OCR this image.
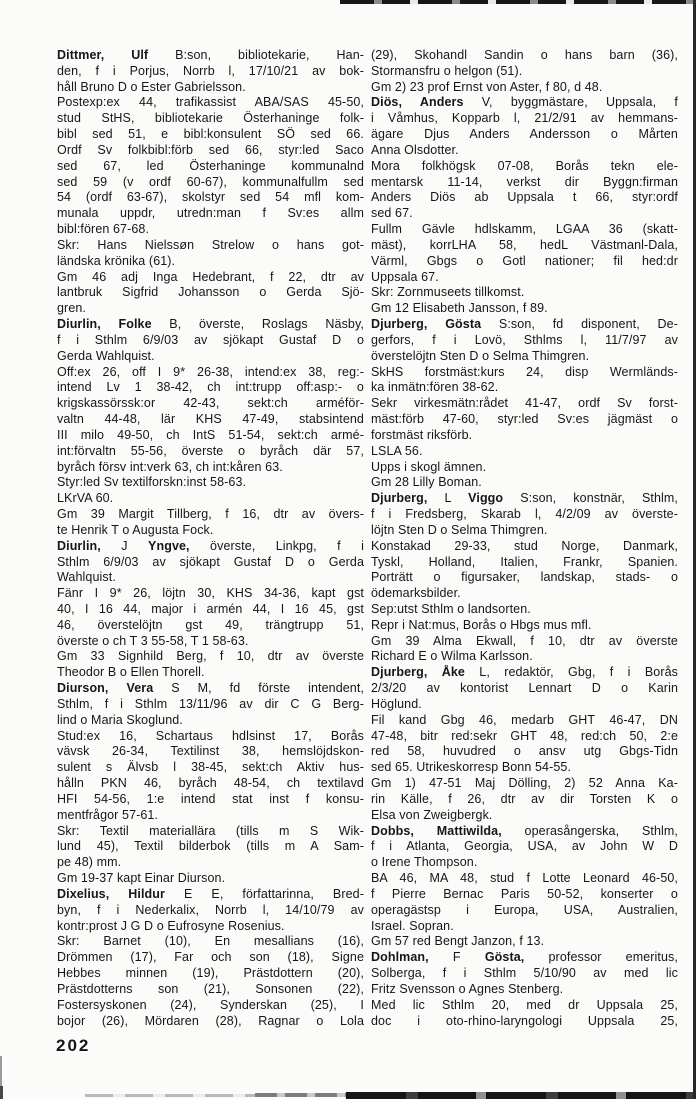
Dittmer, Ulf B:son, bibliotekarie, Han-
den, f i Porjus, Norrb l, 17/10/21 av bok-
håll Bruno D o Ester Gabrielsson.
Postexp:ex 44, trafikassist ABA/SAS 45-50,
stud StHS, bibliotekarie Österhaninge folk-
bibl sed 51, e bibl:konsulent SÖ sed 66.
Ordf Sv folkbibl:förb sed 66, styr:led Saco
sed 67, led Österhaninge kommunalnd
sed 59 (v ordf 60-67), kommunalfullm sed
54 (ordf 63-67), skolstyr sed 54 mfl kom-
munala uppdr, utredn:man f Sv:es allm
bibl:fören 67-68.
Skr: Hans Nielssøn Strelow o hans got-
ländska krönika (61).
Gm 46 adj Inga Hedebrant, f 22, dtr av
lantbruk Sigfrid Johansson o Gerda Sjö-
gren.
Diurlin, Folke B, överste, Roslags Näsby,
f i Sthlm 6/9/03 av sjökapt Gustaf D o
Gerda Wahlquist.
Off:ex 26, off I 9* 26-38, intend:ex 38, reg:-
intend Lv 1 38-42, ch int:trupp off:asp:- o
krigskassörssk:or 42-43, sekt:ch arméför-
valtn 44-48, lär KHS 47-49, stabsintend
III milo 49-50, ch IntS 51-54, sekt:ch armé-
int:förvaltn 55-56, överste o byråch där 57,
byråch försv int:verk 63, ch int:kåren 63.
Styr:led Sv textilforskn:inst 58-63.
LKrVA 60.
Gm 39 Margit Tillberg, f 16, dtr av övers-
te Henrik T o Augusta Fock.
Diurlin, J Yngve, överste, Linkpg, f i
Sthlm 6/9/03 av sjökapt Gustaf D o Gerda
Wahlquist.
Fänr I 9* 26, löjtn 30, KHS 34-36, kapt gst
40, I 16 44, major i armén 44, I 16 45, gst
46, överstelöjtn gst 49, trängtrupp 51,
överste o ch T 3 55-58, T 1 58-63.
Gm 33 Signhild Berg, f 10, dtr av överste
Theodor B o Ellen Thorell.
Diurson, Vera S M, fd förste intendent,
Sthlm, f i Sthlm 13/11/96 av dir C G Berg-
lind o Maria Skoglund.
Stud:ex 16, Schartaus hdlsinst 17, Borås
vävsk 26-34, Textilinst 38, hemslöjdskon-
sulent s Älvsb l 38-45, sekt:ch Aktiv hus-
hålln PKN 46, byråch 48-54, ch textilavd
HFI 54-56, 1:e intend stat inst f konsu-
mentfrågor 57-61.
Skr: Textil materiallära (tills m S Wik-
lund 45), Textil bilderbok (tills m A Sam-
pe 48) mm.
Gm 19-37 kapt Einar Diurson.
Dixelius, Hildur E E, författarinna, Bred-
byn, f i Nederkalix, Norrb l, 14/10/79 av
kontr:prost J G D o Eufrosyne Rosenius.
Skr: Barnet (10), En mesallians (16),
Drömmen (17), Far och son (18), Signe
Hebbes minnen (19), Prästdottern (20),
Prästdotterns son (21), Sonsonen (22),
Fostersyskonen (24), Synderskan (25), I
bojor (26), Mördaren (28), Ragnar o Lola
(29), Skohandl Sandin o hans barn (36),
Stormansfru o helgon (51).
Gm 2) 23 prof Ernst von Aster, f 80, d 48.
Diös, Anders V, byggmästare, Uppsala, f
i Våmhus, Kopparb l, 21/2/91 av hemmans-
ägare Djus Anders Andersson o Mårten
Anna Olsdotter.
Mora folkhögsk 07-08, Borås tekn ele-
mentarsk 11-14, verkst dir Byggn:firman
Anders Diös ab Uppsala t 66, styr:ordf
sed 67.
Fullm Gävle hdlskamm, LGAA 36 (skatt-
mäst), korrLHA 58, hedL Västmanl-Dala,
Värml, Gbgs o Gotl nationer; fil hed:dr
Uppsala 67.
Skr: Zornmuseets tillkomst.
Gm 12 Elisabeth Jansson, f 89.
Djurberg, Gösta S:son, fd disponent, De-
gerfors, f i Lovö, Sthlms l, 11/7/97 av
överstelöjtn Sten D o Selma Thimgren.
SkHS forstmäst:kurs 24, disp Wermländs-
ka inmätn:fören 38-62.
Sekr virkesmätn:rådet 41-47, ordf Sv forst-
mäst:förb 47-60, styr:led Sv:es jägmäst o
forstmäst riksförb.
LSLA 56.
Upps i skogl ämnen.
Gm 28 Lilly Boman.
Djurberg, L Viggo S:son, konstnär, Sthlm,
f i Fredsberg, Skarab l, 4/2/09 av överste-
löjtn Sten D o Selma Thimgren.
Konstakad 29-33, stud Norge, Danmark,
Tyskl, Holland, Italien, Frankr, Spanien.
Porträtt o figursaker, landskap, stads- o
ödemarksbilder.
Sep:utst Sthlm o landsorten.
Repr i Nat:mus, Borås o Hbgs mus mfl.
Gm 39 Alma Ekwall, f 10, dtr av överste
Richard E o Wilma Karlsson.
Djurberg, Åke L, redaktör, Gbg, f i Borås
2/3/20 av kontorist Lennart D o Karin
Höglund.
Fil kand Gbg 46, medarb GHT 46-47, DN
47-48, bitr red:sekr GHT 48, red:ch 50, 2:e
red 58, huvudred o ansv utg Gbgs-Tidn
sed 65. Utrikeskorresp Bonn 54-55.
Gm 1) 47-51 Maj Dölling, 2) 52 Anna Ka-
rin Källe, f 26, dtr av dir Torsten K o
Elsa von Zweigbergk.
Dobbs, Mattiwilda, operasångerska, Sthlm,
f i Atlanta, Georgia, USA, av John W D
o Irene Thompson.
BA 46, MA 48, stud f Lotte Leonard 46-50,
f Pierre Bernac Paris 50-52, konserter o
operagästsp i Europa, USA, Australien,
Israel. Sopran.
Gm 57 red Bengt Janzon, f 13.
Dohlman, F Gösta, professor emeritus,
Solberga, f i Sthlm 5/10/90 av med lic
Fritz Svensson o Agnes Stenberg.
Med lic Sthlm 20, med dr Uppsala 25,
doc i oto-rhino-laryngologi Uppsala 25,
202
